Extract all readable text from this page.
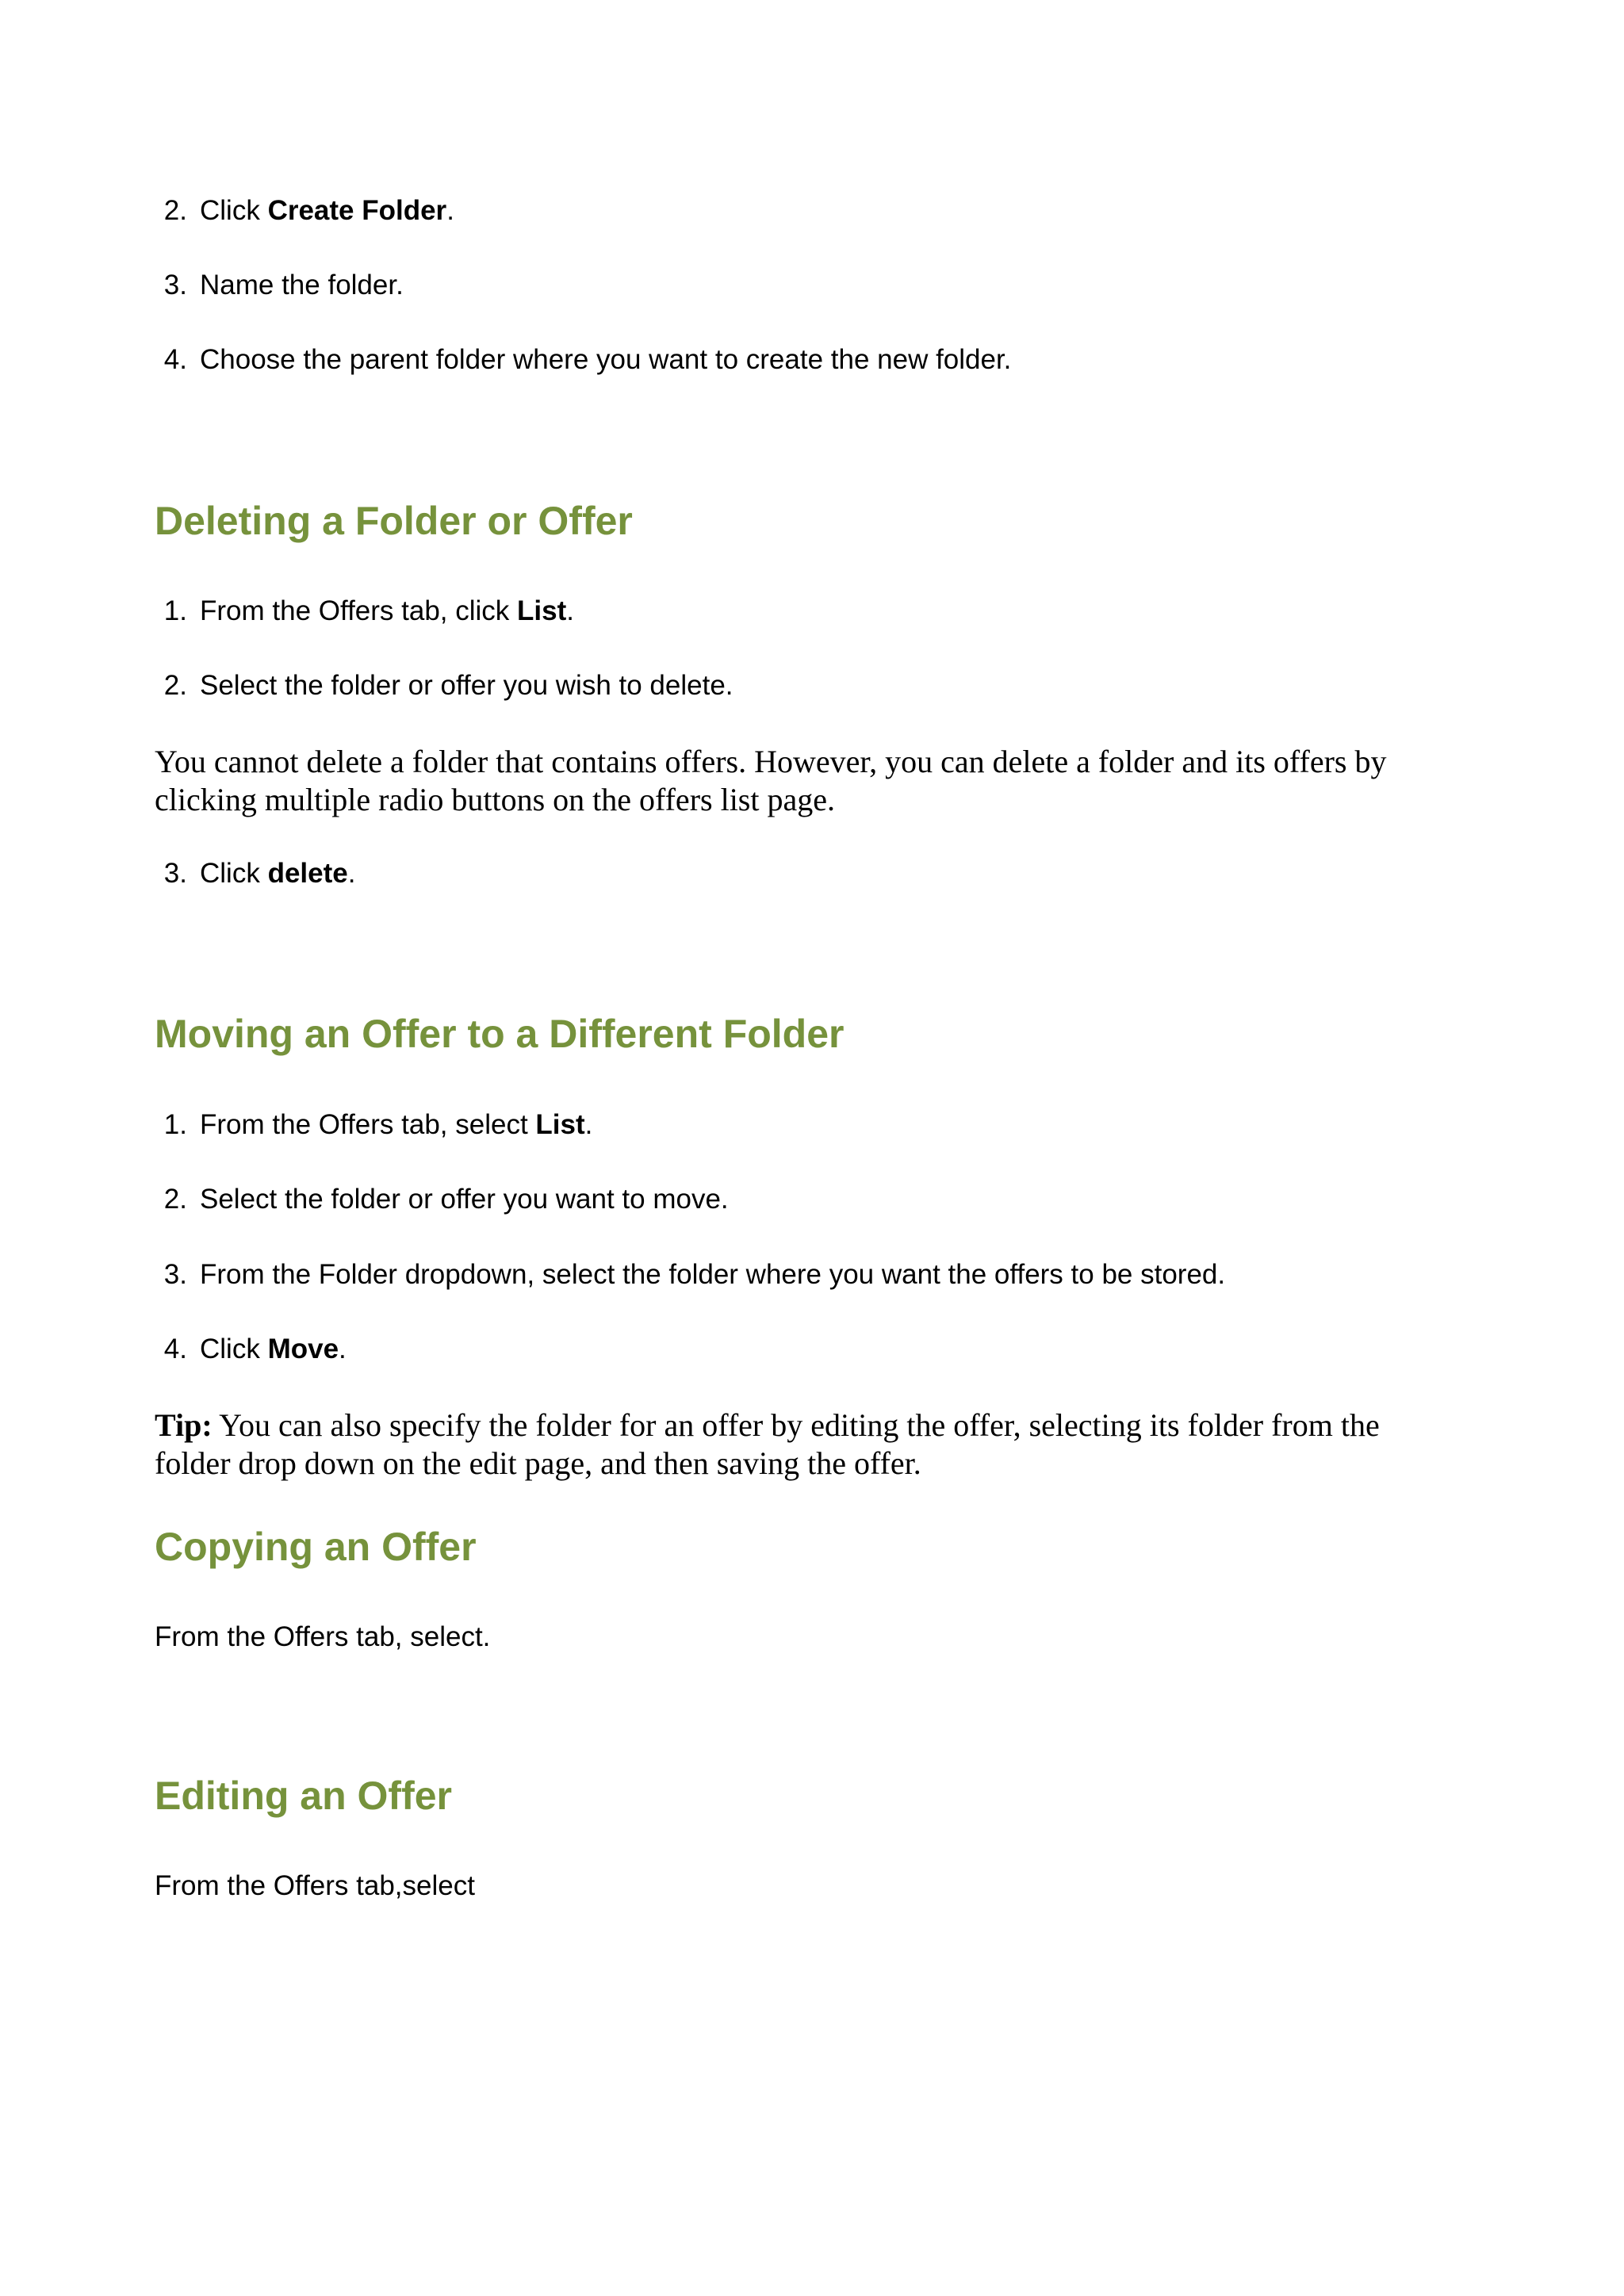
2. Click Create Folder.
3. Name the folder.
4. Choose the parent folder where you want to create the new folder.
Deleting a Folder or Offer
1. From the Offers tab, click List.
2. Select the folder or offer you wish to delete.

You cannot delete a folder that contains offers. However, you can delete a folder and its offers by clicking multiple radio buttons on the offers list page.

3. Click delete.
Moving an Offer to a Different Folder
1. From the Offers tab, select List.
2. Select the folder or offer you want to move.
3. From the Folder dropdown, select the folder where you want the offers to be stored.
4. Click Move.

Tip: You can also specify the folder for an offer by editing the offer, selecting its folder from the folder drop down on the edit page, and then saving the offer.

Copying an Offer

From the Offers tab, select.

Editing an Offer

From the Offers tab,select
